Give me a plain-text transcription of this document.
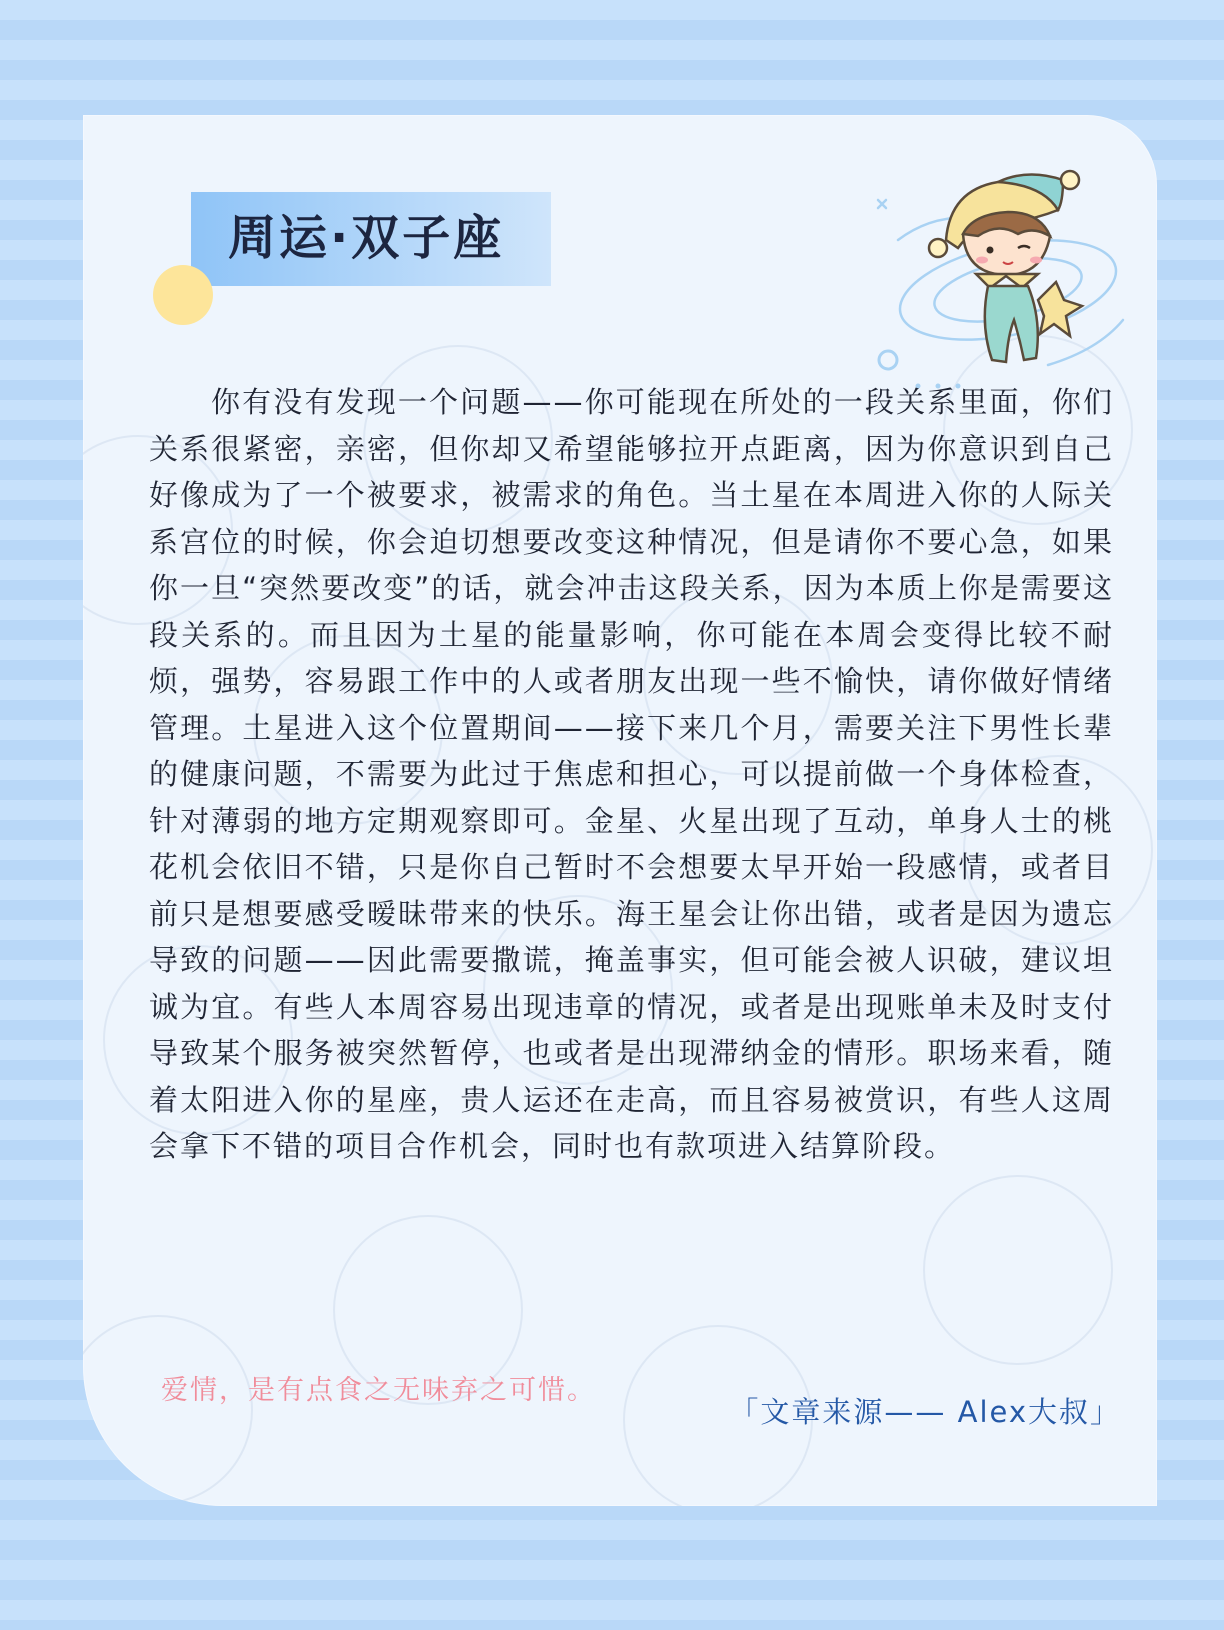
周运·双子座

你有没有发现一个问题——你可能现在所处的一段关系里面，你们关系很紧密，亲密，但你却又希望能够拉开点距离，因为你意识到自己好像成为了一个被要求，被需求的角色。当土星在本周进入你的人际关系宫位的时候，你会迫切想要改变这种情况，但是请你不要心急，如果你一旦“突然要改变”的话，就会冲击这段关系，因为本质上你是需要这段关系的。而且因为土星的能量影响，你可能在本周会变得比较不耐烦，强势，容易跟工作中的人或者朋友出现一些不愉快，请你做好情绪管理。土星进入这个位置期间——接下来几个月，需要关注下男性长辈的健康问题，不需要为此过于焦虑和担心，可以提前做一个身体检查，针对薄弱的地方定期观察即可。金星、火星出现了互动，单身人士的桃花机会依旧不错，只是你自己暂时不会想要太早开始一段感情，或者目前只是想要感受暧昧带来的快乐。海王星会让你出错，或者是因为遗忘导致的问题——因此需要撒谎，掩盖事实，但可能会被人识破，建议坦诚为宜。有些人本周容易出现违章的情况，或者是出现账单未及时支付导致某个服务被突然暂停，也或者是出现滞纳金的情形。职场来看，随着太阳进入你的星座，贵人运还在走高，而且容易被赏识，有些人这周会拿下不错的项目合作机会，同时也有款项进入结算阶段。

爱情，是有点食之无味弃之可惜。
「文章来源—— Alex大叔」
